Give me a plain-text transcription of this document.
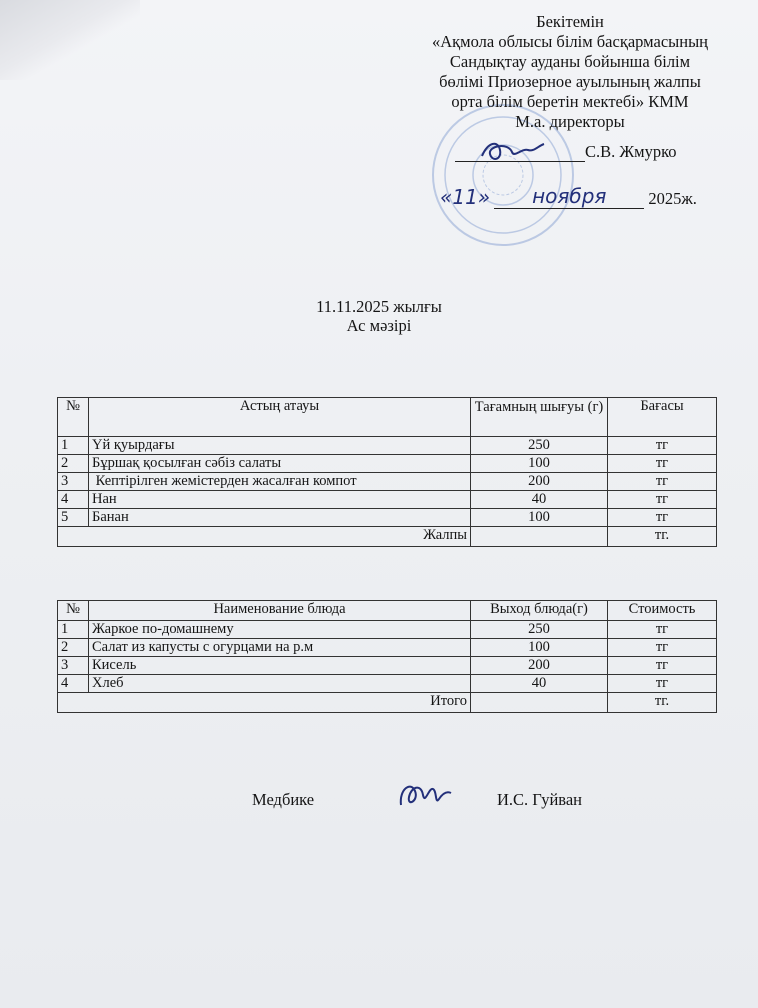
Бекітемін
«Ақмола облысы білім басқармасының
Сандықтау ауданы бойынша білім
бөлімі Приозерное ауылының жалпы
орта білім беретін мектебі» КММ
М.а. директоры
С.В. Жмурко
«11» ноября	2025ж.
11.11.2025 жылғы
Ас мәзірі
№	Астың атауы	Тағамның шығуы (г)	Бағасы
1	Үй қуырдағы	250	тг
2	Бұршақ қосылған сәбіз салаты	100	тг
3	Кептірілген жемістерден жасалған компот	200	тг
4	Нан	40	тг
5	Банан	100	тг
Жалпы			тг.
№	Наименование блюда	Выход блюда(г)	Стоимость
1	Жаркое по-домашнему	250	тг
2	Салат из капусты с огурцами на р.м	100	тг
3	Кисель	200	тг
4	Хлеб	40	тг
Итого			тг.
Медбике	И.С. Гуйван
